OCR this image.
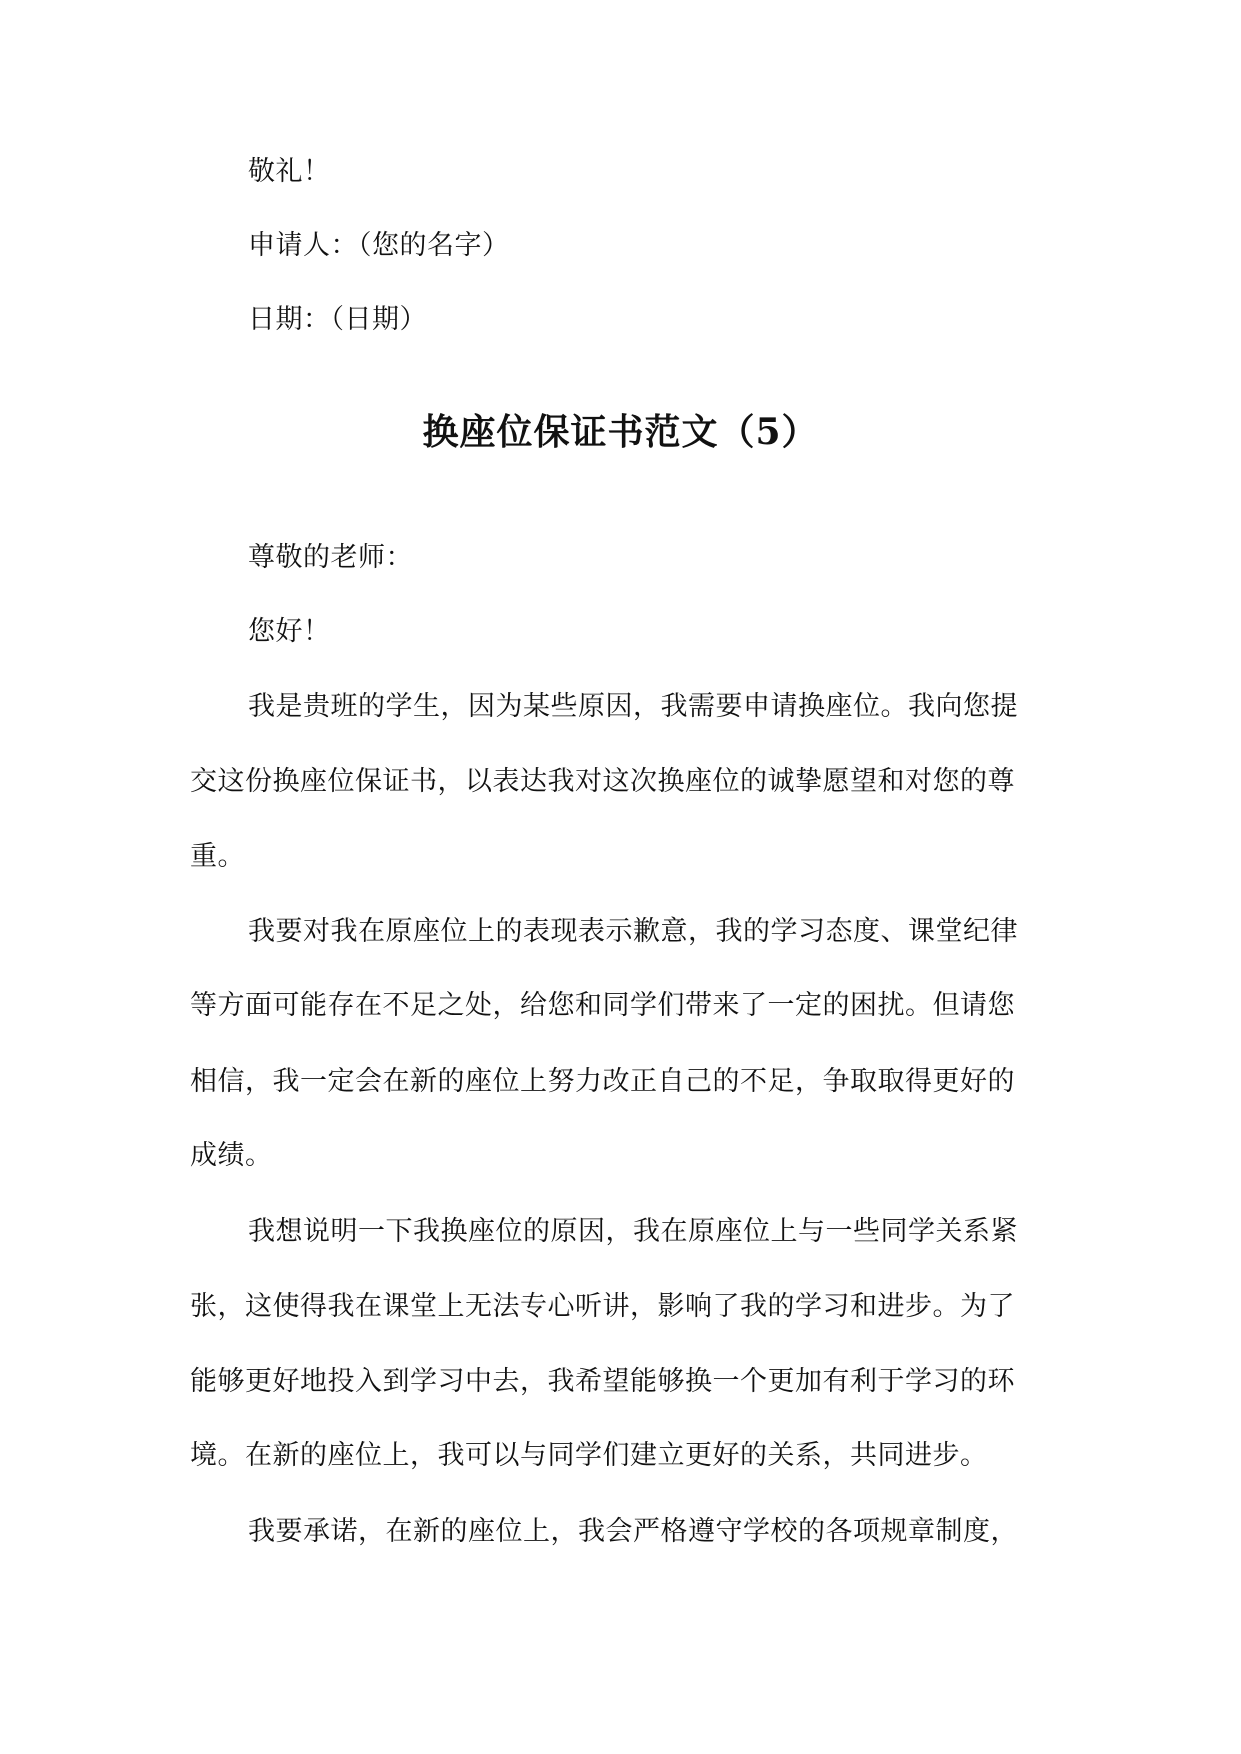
敬礼！
申请人：（您的名字）
日期：（日期）
换座位保证书范文（5）
尊敬的老师：
您好！
我是贵班的学生，因为某些原因，我需要申请换座位。我向您提
交这份换座位保证书，以表达我对这次换座位的诚挚愿望和对您的尊
重。
我要对我在原座位上的表现表示歉意，我的学习态度、课堂纪律
等方面可能存在不足之处，给您和同学们带来了一定的困扰。但请您
相信，我一定会在新的座位上努力改正自己的不足，争取取得更好的
成绩。
我想说明一下我换座位的原因，我在原座位上与一些同学关系紧
张，这使得我在课堂上无法专心听讲，影响了我的学习和进步。为了
能够更好地投入到学习中去，我希望能够换一个更加有利于学习的环
境。在新的座位上，我可以与同学们建立更好的关系，共同进步。
我要承诺，在新的座位上，我会严格遵守学校的各项规章制度，
